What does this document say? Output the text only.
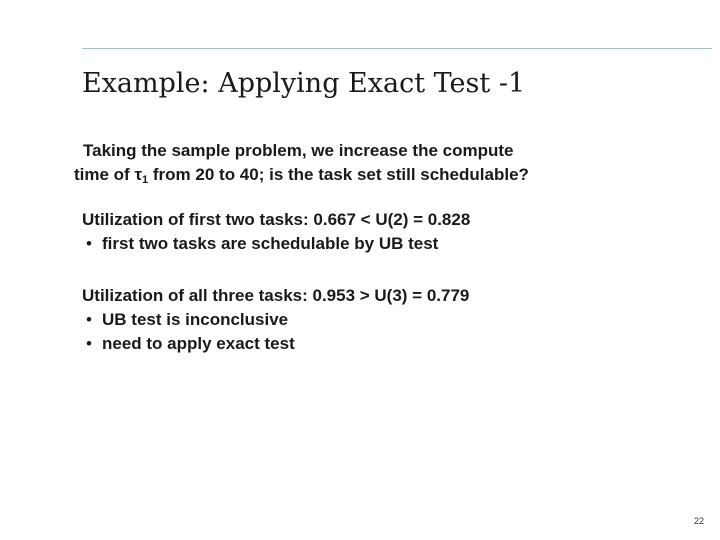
Example: Applying Exact Test -1
Taking the sample problem, we increase the compute
time of $\tau_1$ from 20 to 40; is the task set still schedulable?
Utilization of first two tasks: 0.667 < U(2) = 0.828
• first two tasks are schedulable by UB test
Utilization of all three tasks: 0.953 > U(3) = 0.779
• UB test is inconclusive
• need to apply exact test
22
